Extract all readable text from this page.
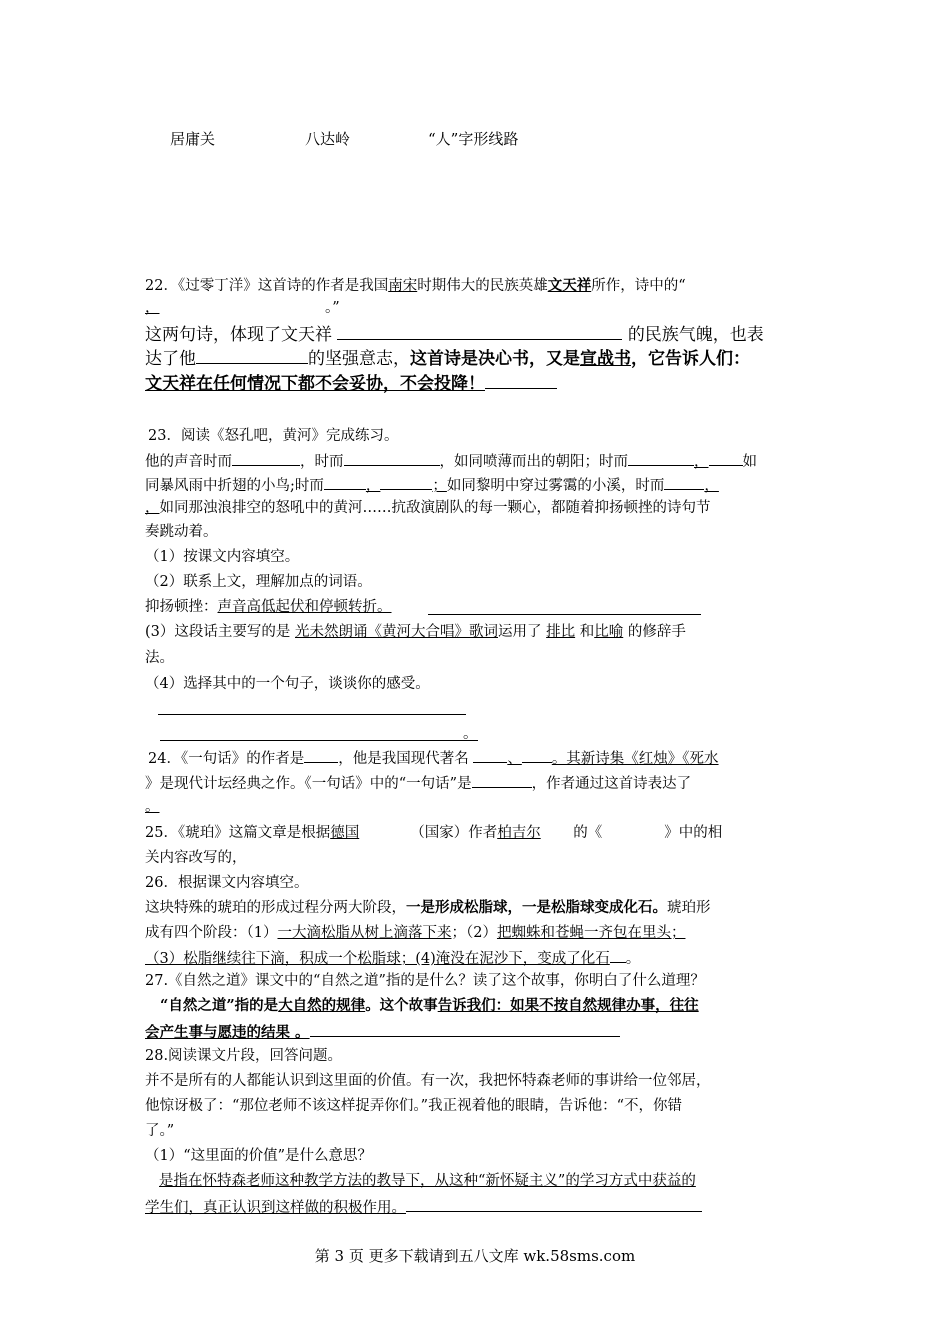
居庸关	八达岭	“人”字形线路
22．《过零丁洋》这首诗的作者是我国南宋时期伟大的民族英雄文天祥所作，诗中的“
，	。”
这两句诗，体现了文天祥	的民族气魄，也表
达了他	的坚强意志，这首诗是决心书，又是宣战书，它告诉人们：
文天祥在任何情况下都不会妥协，不会投降！
23．阅读《怒孔吧，黄河》完成练习。
他的声音时而	，时而	，如同喷薄而出的朝阳；时而	， 如
同暴风雨中折翅的小鸟;时而	，	；如同黎明中穿过雾霭的小溪，时而	，
，如同那浊浪排空的怒吼中的黄河……抗敌演剧队的每一颗心，都随着抑扬顿挫的诗句节
奏跳动着。
（1）按课文内容填空。
（2）联系上文，理解加点的词语。
抑扬顿挫：声音高低起伏和停顿转折。
(3）这段话主要写的是 光未然朗诵《黄河大合唱》歌词运用了 排比 和比喻 的修辞手
法。
（4）选择其中的一个句子，谈谈你的感受。
。
24．《一句话》的作者是 ，他是我国现代著名	、 。其新诗集《红烛》《死水
》是现代计坛经典之作。《一句话》中的“一句话”是	，作者通过这首诗表达了
。
25．《琥珀》这篇文章是根据德国	（国家）作者柏吉尔 的《	》中的相
关内容改写的，
26．根据课文内容填空。
这块特殊的琥珀的形成过程分两大阶段，一是形成松脂球，一是松脂球变成化石。琥珀形
成有四个阶段：（1）一大滴松脂从树上滴落下来；（2）把蜘蛛和苍蝇一齐包在里头；
（3）松脂继续往下滴，积成一个松脂球；(4)淹没在泥沙下，变成了化石 。
27.《自然之道》课文中的“自然之道”指的是什么？读了这个故事，你明白了什么道理？
“自然之道”指的是大自然的规律。这个故事告诉我们：如果不按自然规律办事，往往
会产生事与愿违的结果 。
28.阅读课文片段，回答问题。
并不是所有的人都能认识到这里面的价值。有一次，我把怀特森老师的事讲给一位邻居，
他惊讶极了：“那位老师不该这样捉弄你们。”我正视着他的眼睛，告诉他：“不，你错
了。”
（1）“这里面的价值”是什么意思？
是指在怀特森老师这种教学方法的教导下，从这种“新怀疑主义”的学习方式中获益的
学生们，真正认识到这样做的积极作用。
第 3 页 更多下载请到五八文库 wk.58sms.com
